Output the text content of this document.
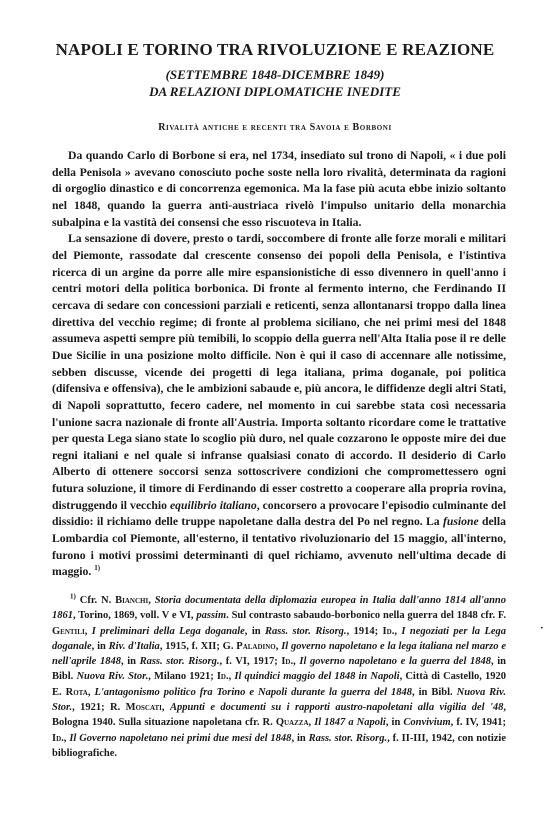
NAPOLI E TORINO TRA RIVOLUZIONE E REAZIONE
(SETTEMBRE 1848-DICEMBRE 1849)
DA RELAZIONI DIPLOMATICHE INEDITE
Rivalità antiche e recenti tra Savoia e Borboni

Da quando Carlo di Borbone si era, nel 1734, insediato sul trono di Napoli, « i due poli della Penisola » avevano conosciuto poche soste nella loro rivalità, determinata da ragioni di orgoglio dinastico e di concorrenza egemonica. Ma la fase più acuta ebbe inizio soltanto nel 1848, quando la guerra anti-austriaca rivelò l'impulso unitario della monarchia subalpina e la vastità dei consensi che esso riscuoteva in Italia.

La sensazione di dovere, presto o tardi, soccombere di fronte alle forze morali e militari del Piemonte, rassodate dal crescente consenso dei popoli della Penisola, e l'istintiva ricerca di un argine da porre alle mire espansionistiche di esso divennero in quell'anno i centri motori della politica borbonica. Di fronte al fermento interno, che Ferdinando II cercava di sedare con concessioni parziali e reticenti, senza allontanarsi troppo dalla linea direttiva del vecchio regime; di fronte al problema siciliano, che nei primi mesi del 1848 assumeva aspetti sempre più temibili, lo scoppio della guerra nell'Alta Italia pose il re delle Due Sicilie in una posizione molto difficile. Non è qui il caso di accennare alle notissime, sebben discusse, vicende dei progetti di lega italiana, prima doganale, poi politica (difensiva e offensiva), che le ambizioni sabaude e, più ancora, le diffidenze degli altri Stati, di Napoli soprattutto, fecero cadere, nel momento in cui sarebbe stata così necessaria l'unione sacra nazionale di fronte all'Austria. Importa soltanto ricordare come le trattative per questa Lega siano state lo scoglio più duro, nel quale cozzarono le opposte mire dei due regni italiani e nel quale si infranse qualsiasi conato di accordo. Il desiderio di Carlo Alberto di ottenere soccorsi senza sottoscrivere condizioni che compromettessero ogni futura soluzione, il timore di Ferdinando di esser costretto a cooperare alla propria rovina, distruggendo il vecchio equilibrio italiano, concorsero a provocare l'episodio culminante del dissidio: il richiamo delle truppe napoletane dalla destra del Po nel regno. La fusione della Lombardia col Piemonte, all'esterno, il tentativo rivoluzionario del 15 maggio, all'interno, furono i motivi prossimi determinanti di quel richiamo, avvenuto nell'ultima decade di maggio. $^{1)}$

$^{1)}$ Cfr. N. Bianchi, Storia documentata della diplomazia europea in Italia dall'anno 1814 all'anno 1861, Torino, 1869, voll. V e VI, passim. Sul contrasto sabaudo-borbonico nella guerra del 1848 cfr. F. Gentili, I preliminari della Lega doganale, in Rass. stor. Risorg., 1914; Id., I negoziati per la Lega doganale, in Riv. d'Italia, 1915, f. XII; G. Paladino, Il governo napoletano e la lega italiana nel marzo e nell'aprile 1848, in Rass. stor. Risorg., f. VI, 1917; Id., Il governo napoletano e la guerra del 1848, in Bibl. Nuova Riv. Stor., Milano 1921; Id., Il quindici maggio del 1848 in Napoli, Città di Castello, 1920 E. Rota, L'antagonismo politico fra Torino e Napoli durante la guerra del 1848, in Bibl. Nuova Riv. Stor., 1921; R. Moscati, Appunti e documenti su i rapporti austro-napoletani alla vigilia del '48, Bologna 1940. Sulla situazione napoletana cfr. R. Quazza, Il 1847 a Napoli, in Convivium, f. IV, 1941; Id., Il Governo napoletano nei primi due mesi del 1848, in Rass. stor. Risorg., f. II-III, 1942, con notizie bibliografiche.

·
